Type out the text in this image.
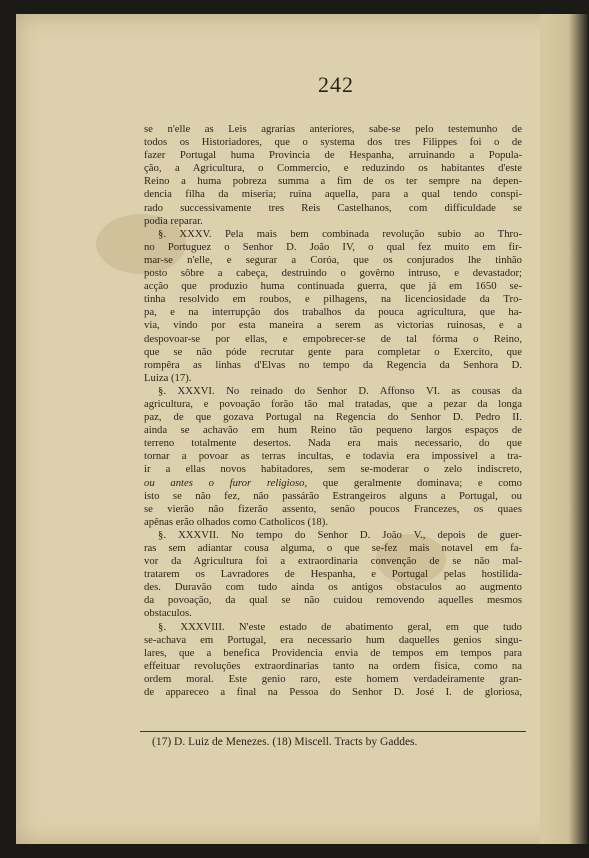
242
se n'elle as Leis agrarias anteriores, sabe-se pelo testemunho de
todos os Historiadores, que o systema dos tres Filippes foi o de
fazer Portugal huma Provincia de Hespanha, arruinando a Popula-
ção, a Agricultura, o Commercio, e reduzindo os habitantes d'este
Reino a huma pobreza summa a fim de os ter sempre na depen-
dencia filha da miseria; ruina aquella, para a qual tendo conspi-
rado successivamente tres Reis Castelhanos, com difficuldade se
podia reparar.
§. XXXV. Pela mais bem combinada revolução subio ao Thro-
no Portuguez o Senhor D. João IV, o qual fez muito em fir-
mar-se n'elle, e segurar a Coróa, que os conjurados lhe tinhão
posto sôbre a cabeça, destruindo o govêrno intruso, e devastador;
acção que produzio huma continuada guerra, que já em 1650 se-
tinha resolvido em roubos, e pilhagens, na licenciosidade da Tro-
pa, e na interrupção dos trabalhos da pouca agricultura, que ha-
via, vindo por esta maneira a serem as victorias ruinosas, e a
despovoar-se por ellas, e empobrecer-se de tal fórma o Reino,
que se não póde recrutar gente para completar o Exercito, que
rompêra as linhas d'Elvas no tempo da Regencia da Senhora D.
Luiza (17).
§. XXXVI. No reinado do Senhor D. Affonso VI. as cousas da
agricultura, e povoação forão tão mal tratadas, que a pezar da longa
paz, de que gozava Portugal na Regencia do Senhor D. Pedro II.
ainda se achavão em hum Reino tão pequeno largos espaços de
terreno totalmente desertos. Nada era mais necessario, do que
tornar a povoar as terras incultas, e todavia era impossivel a tra-
ir a ellas novos habitadores, sem se-moderar o zelo indiscreto,
ou antes o furor religioso, que geralmente dominava; e como
isto se não fez, não passárão Estrangeiros alguns a Portugal, ou
se vierão não fizerão assento, senão poucos Francezes, os quaes
apênas erão olhados como Catholicos (18).
§. XXXVII. No tempo do Senhor D. João V., depois de guer-
ras sem adiantar cousa alguma, o que se-fez mais notavel em fa-
vor da Agricultura foi a extraordinaria convenção de se não mal-
tratarem os Lavradores de Hespanha, e Portugal pelas hostilida-
des. Duravão com tudo ainda os antigos obstaculos ao augmento
da povoação, da qual se não cuidou removendo aquelles mesmos
obstaculos.
§. XXXVIII. N'este estado de abatimento geral, em que tudo
se-achava em Portugal, era necessario hum daquelles genios singu-
lares, que a benefica Providencia envia de tempos em tempos para
effeituar revoluções extraordinarias tanto na ordem fisica, como na
ordem moral. Este genio raro, este homem verdadeiramente gran-
de appareceo a final na Pessoa do Senhor D. José I. de gloriosa,
(17) D. Luiz de Menezes. (18) Miscell. Tracts by Gaddes.
